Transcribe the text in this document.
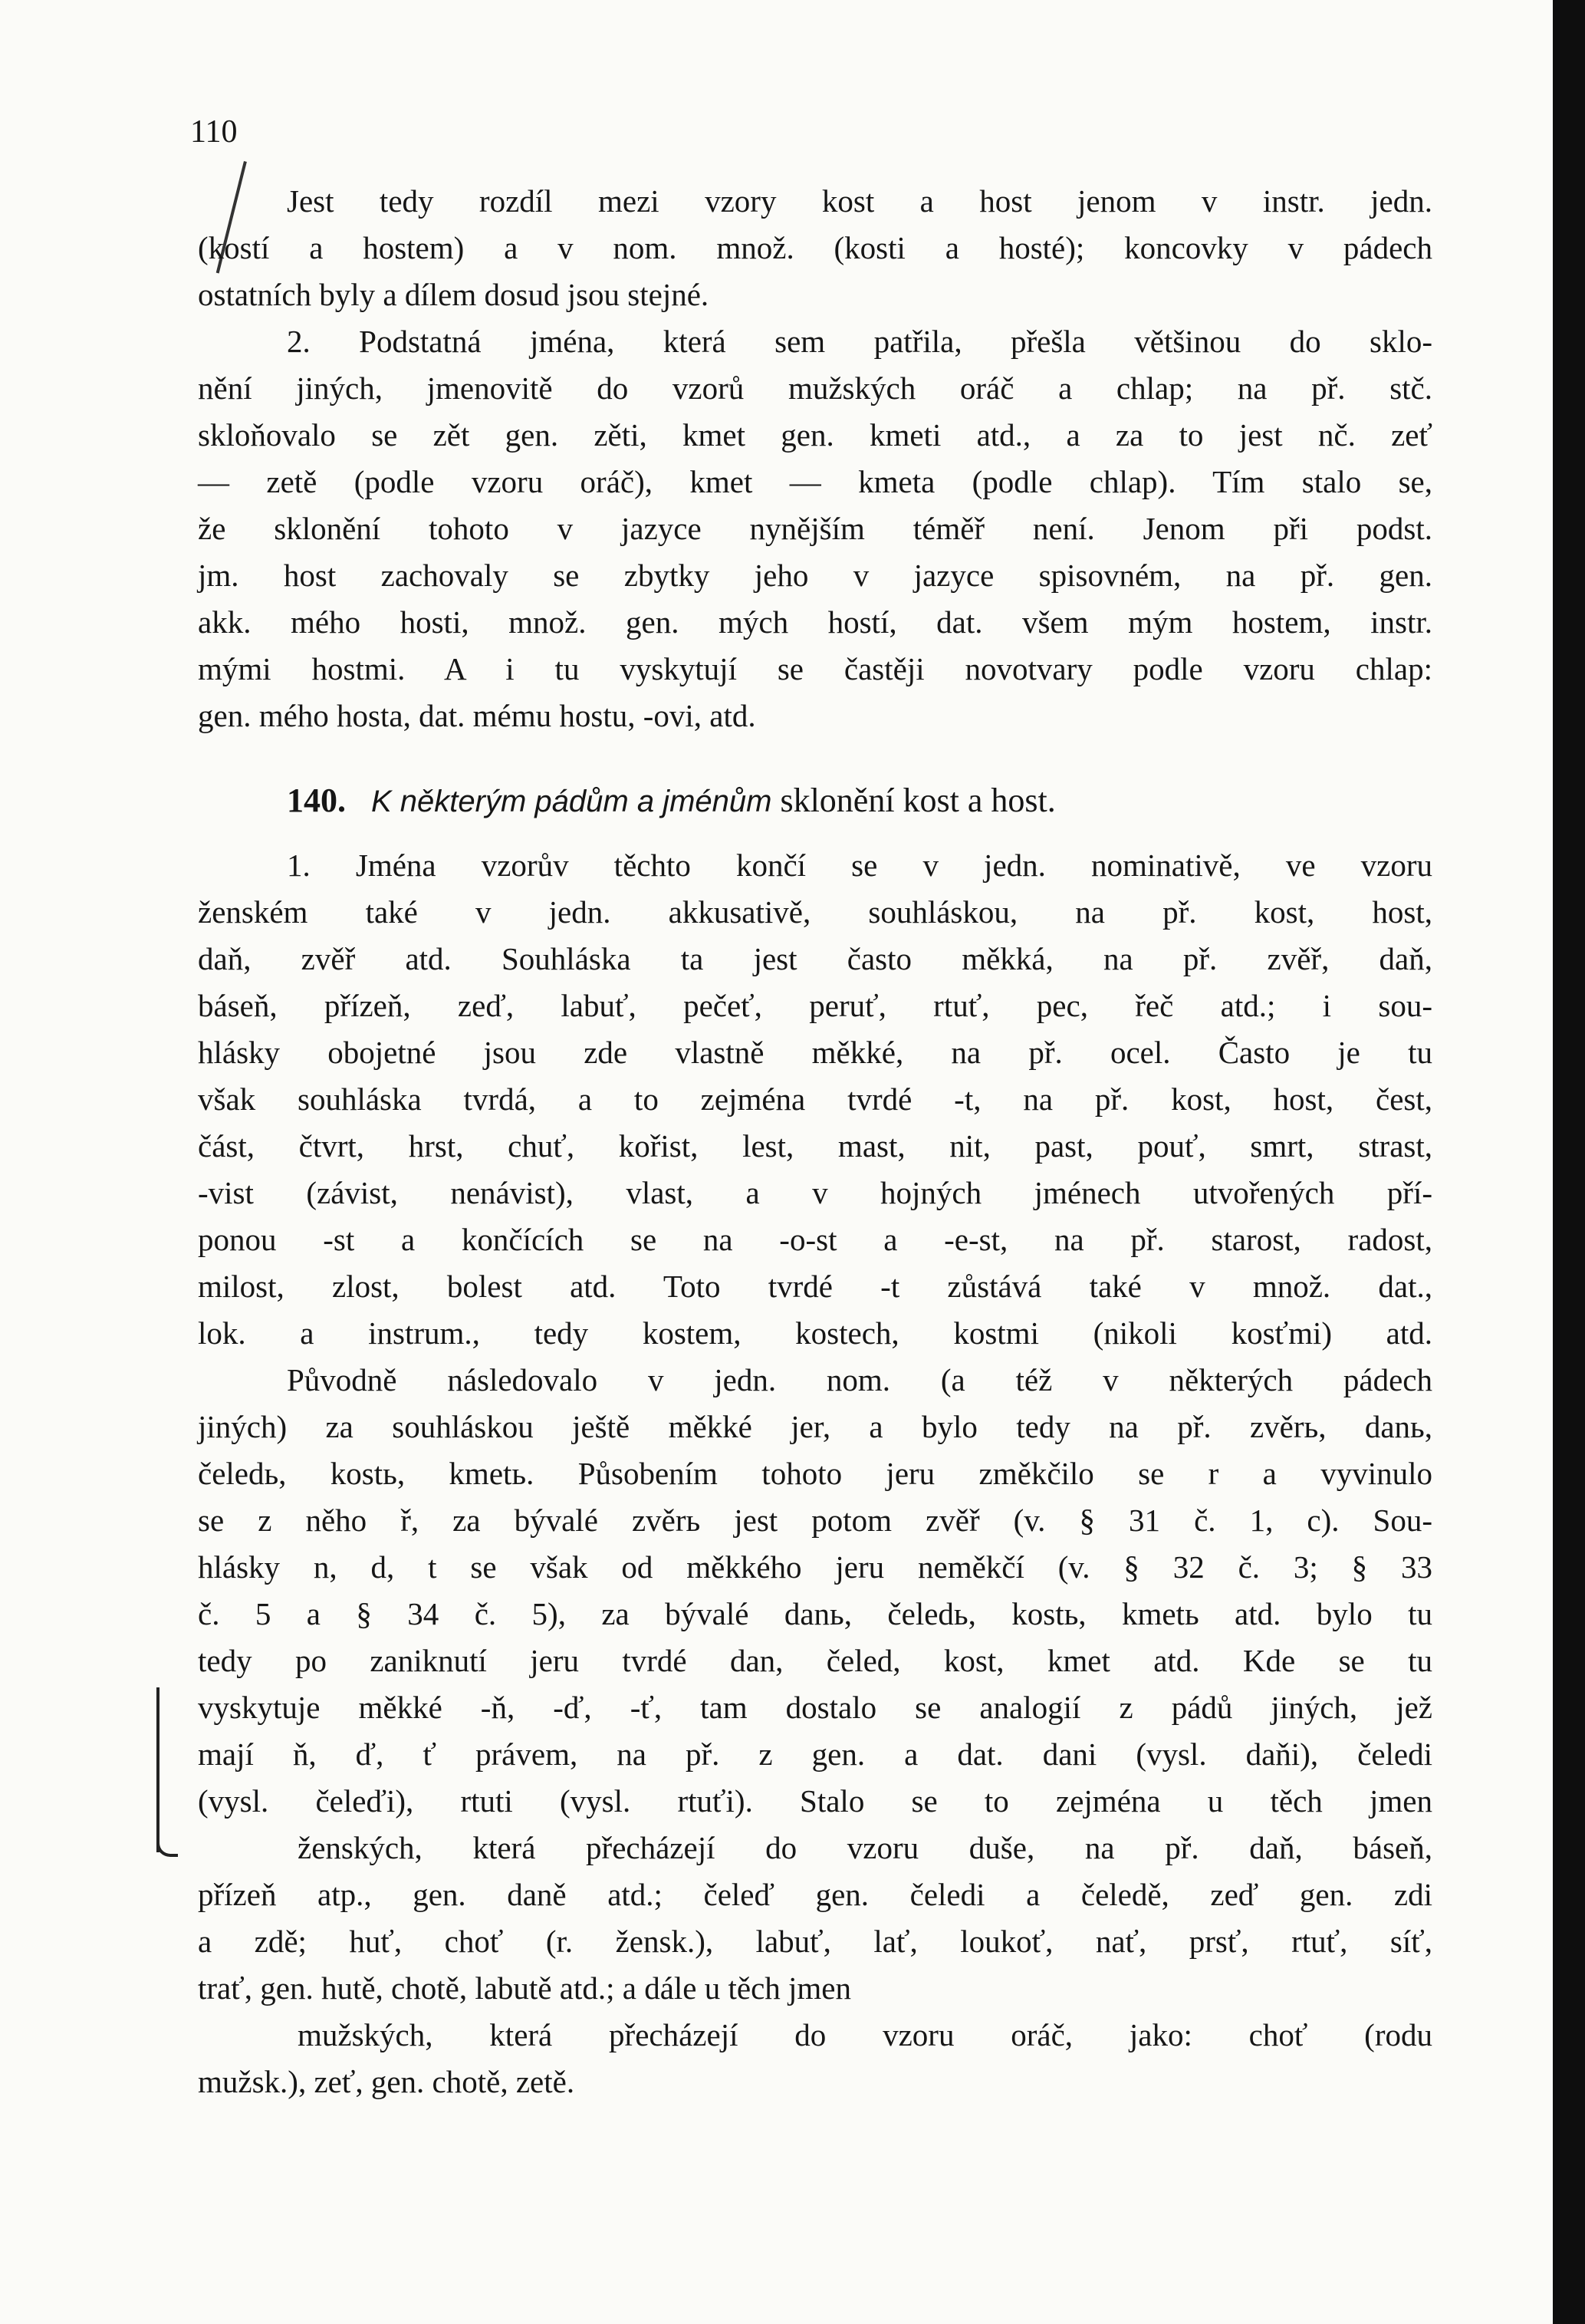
110
Jest tedy rozdíl mezi vzory kost a host jenom v instr. jedn.
(kostí a hostem) a v nom. množ. (kosti a hosté); koncovky v pádech
ostatních byly a dílem dosud jsou stejné.
2. Podstatná jména, která sem patřila, přešla většinou do sklo-
nění jiných, jmenovitě do vzorů mužských oráč a chlap; na př. stč.
skloňovalo se zět gen. zěti, kmet gen. kmeti atd., a za to jest nč. zeť
— zetě (podle vzoru oráč), kmet — kmeta (podle chlap). Tím stalo se,
že sklonění tohoto v jazyce nynějším téměř není. Jenom při podst.
jm. host zachovaly se zbytky jeho v jazyce spisovném, na př. gen.
akk. mého hosti, množ. gen. mých hostí, dat. všem mým hostem, instr.
mými hostmi. A i tu vyskytují se častěji novotvary podle vzoru chlap:
gen. mého hosta, dat. mému hostu, -ovi, atd.
140. K některým pádům a jménům sklonění kost a host.
1. Jména vzorův těchto končí se v jedn. nominativě, ve vzoru
ženském také v jedn. akkusativě, souhláskou, na př. kost, host,
daň, zvěř atd. Souhláska ta jest často měkká, na př. zvěř, daň,
báseň, přízeň, zeď, labuť, pečeť, peruť, rtuť, pec, řeč atd.; i sou-
hlásky obojetné jsou zde vlastně měkké, na př. ocel. Často je tu
však souhláska tvrdá, a to zejména tvrdé -t, na př. kost, host, čest,
část, čtvrt, hrst, chuť, kořist, lest, mast, nit, past, pouť, smrt, strast,
-vist (závist, nenávist), vlast, a v hojných jménech utvořených pří-
ponou -st a končících se na -o-st a -e-st, na př. starost, radost,
milost, zlost, bolest atd. Toto tvrdé -t zůstává také v množ. dat.,
lok. a instrum., tedy kostem, kostech, kostmi (nikoli kosťmi) atd.
Původně následovalo v jedn. nom. (a též v některých pádech
jiných) za souhláskou ještě měkké jer, a bylo tedy na př. zvěrь, danь,
čeledь, kostь, kmetь. Působením tohoto jeru změkčilo se r a vyvinulo
se z něho ř, za bývalé zvěrь jest potom zvěř (v. § 31 č. 1, c). Sou-
hlásky n, d, t se však od měkkého jeru neměkčí (v. § 32 č. 3; § 33
č. 5 a § 34 č. 5), za bývalé danь, čeledь, kostь, kmetь atd. bylo tu
tedy po zaniknutí jeru tvrdé dan, čeled, kost, kmet atd. Kde se tu
vyskytuje měkké -ň, -ď, -ť, tam dostalo se analogií z pádů jiných, jež
mají ň, ď, ť právem, na př. z gen. a dat. dani (vysl. daňi), čeledi
(vysl. čeleďi), rtuti (vysl. rtuťi). Stalo se to zejména u těch jmen
ženských, která přecházejí do vzoru duše, na př. daň, báseň,
přízeň atp., gen. daně atd.; čeleď gen. čeledi a čeledě, zeď gen. zdi
a zdě; huť, choť (r. žensk.), labuť, lať, loukoť, nať, prsť, rtuť, síť,
trať, gen. hutě, chotě, labutě atd.; a dále u těch jmen
mužských, která přecházejí do vzoru oráč, jako: choť (rodu
mužsk.), zeť, gen. chotě, zetě.
